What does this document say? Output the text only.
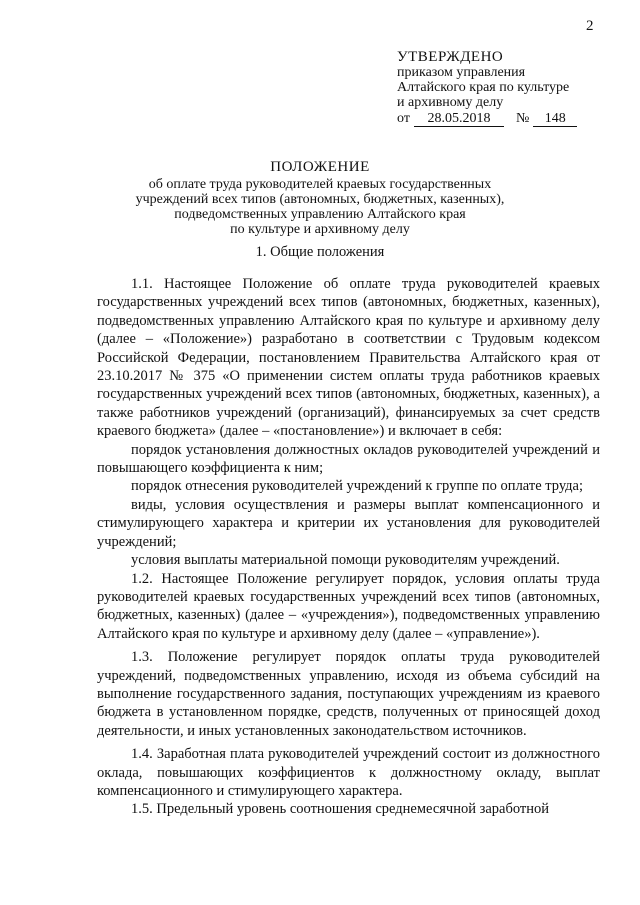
2
УТВЕРЖДЕНО
приказом управления
Алтайского края по культуре
и архивному делу
от 28.05.2018 № 148
ПОЛОЖЕНИЕ
об оплате труда руководителей краевых государственных
учреждений всех типов (автономных, бюджетных, казенных),
подведомственных управлению Алтайского края
по культуре и архивному делу
1. Общие положения

1.1. Настоящее Положение об оплате труда руководителей краевых государственных учреждений всех типов (автономных, бюджетных, казенных), подведомственных управлению Алтайского края по культуре и архивному делу (далее – «Положение») разработано в соответствии с Трудовым кодексом Российской Федерации, постановлением Правительства Алтайского края от 23.10.2017 № 375 «О применении систем оплаты труда работников краевых государственных учреждений всех типов (автономных, бюджетных, казенных), а также работников учреждений (организаций), финансируемых за счет средств краевого бюджета» (далее – «постановление») и включает в себя:

порядок установления должностных окладов руководителей учреждений и повышающего коэффициента к ним;

порядок отнесения руководителей учреждений к группе по оплате труда;

виды, условия осуществления и размеры выплат компенсационного и стимулирующего характера и критерии их установления для руководителей учреждений;

условия выплаты материальной помощи руководителям учреждений.

1.2. Настоящее Положение регулирует порядок, условия оплаты труда руководителей краевых государственных учреждений всех типов (автономных, бюджетных, казенных) (далее – «учреждения»), подведомственных управлению Алтайского края по культуре и архивному делу (далее – «управление»).

1.3. Положение регулирует порядок оплаты труда руководителей учреждений, подведомственных управлению, исходя из объема субсидий на выполнение государственного задания, поступающих учреждениям из краевого бюджета в установленном порядке, средств, полученных от приносящей доход деятельности, и иных установленных законодательством источников.

1.4. Заработная плата руководителей учреждений состоит из должностного оклада, повышающих коэффициентов к должностному окладу, выплат компенсационного и стимулирующего характера.

1.5. Предельный уровень соотношения среднемесячной заработной
